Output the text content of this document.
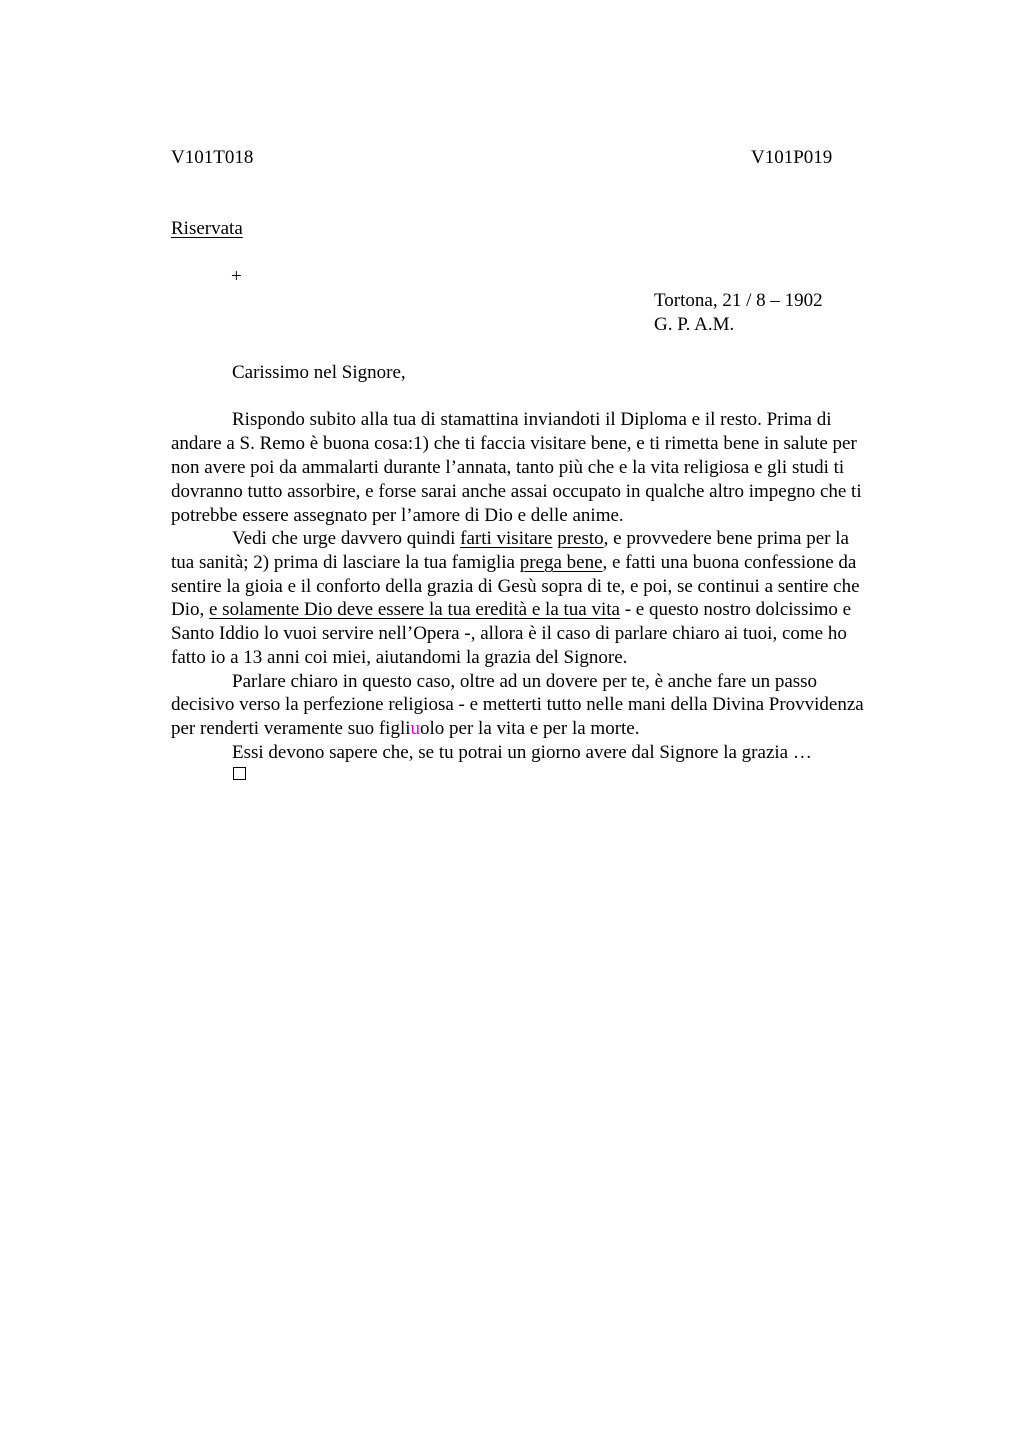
V101T018	V101P019
Riservata
+
Tortona, 21 / 8 – 1902
G. P. A.M.
Carissimo nel Signore,
Rispondo subito alla tua di stamattina inviandoti il Diploma e il resto. Prima di
andare a S. Remo è buona cosa:1) che ti faccia visitare bene, e ti rimetta bene in salute per
non avere poi da ammalarti durante l’annata, tanto più che e la vita religiosa e gli studi ti
dovranno tutto assorbire, e forse sarai anche assai occupato in qualche altro impegno che ti
potrebbe essere assegnato per l’amore di Dio e delle anime.
Vedi che urge davvero quindi farti visitare presto, e provvedere bene prima per la
tua sanità; 2) prima di lasciare la tua famiglia prega bene, e fatti una buona confessione da
sentire la gioia e il conforto della grazia di Gesù sopra di te, e poi, se continui a sentire che
Dio, e solamente Dio deve essere la tua eredità e la tua vita - e questo nostro dolcissimo e
Santo Iddio lo vuoi servire nell’Opera -, allora è il caso di parlare chiaro ai tuoi, come ho
fatto io a 13 anni coi miei, aiutandomi la grazia del Signore.
Parlare chiaro in questo caso, oltre ad un dovere per te, è anche fare un passo
decisivo verso la perfezione religiosa - e metterti tutto nelle mani della Divina Provvidenza
per renderti veramente suo figliuolo per la vita e per la morte.
Essi devono sapere che, se tu potrai un giorno avere dal Signore la grazia …
